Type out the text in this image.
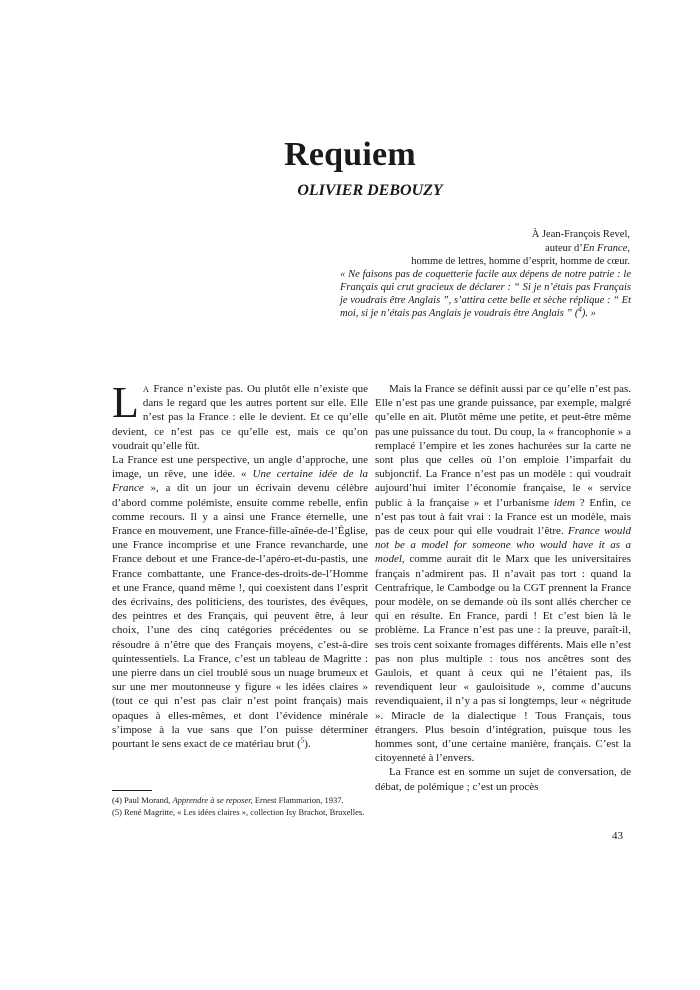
Requiem
OLIVIER DEBOUZY
À Jean-François Revel,
auteur d’En France,
homme de lettres, homme d’esprit, homme de cœur.
« Ne faisons pas de coquetterie facile aux dépens de notre patrie : le Français qui crut gracieux de déclarer : “ Si je n’étais pas Français je voudrais être Anglais ”, s’attira cette belle et sèche réplique : “ Et moi, si je n’étais pas Anglais je voudrais être Anglais ” ($^4$). »

L A France n’existe pas. Ou plutôt elle n’existe que dans le regard que les autres portent sur elle. Elle n’est pas la France : elle le devient. Et ce qu’elle devient, ce n’est pas ce qu’elle est, mais ce qu’on voudrait qu’elle fût.

La France est une perspective, un angle d’approche, une image, un rêve, une idée. « Une certaine idée de la France », a dit un jour un écrivain devenu célèbre d’abord comme polémiste, ensuite comme rebelle, enfin comme recours. Il y a ainsi une France éternelle, une France en mouvement, une France-fille-aînée-de-l’Église, une France incomprise et une France revancharde, une France debout et une France-de-l’apéro-et-du-pastis, une France combattante, une France-des-droits-de-l’Homme et une France, quand même !, qui coexistent dans l’esprit des écrivains, des politiciens, des touristes, des évêques, des peintres et des Français, qui peuvent être, à leur choix, l’une des cinq catégories précédentes ou se résoudre à n’être que des Français moyens, c’est-à-dire quintessentiels. La France, c’est un tableau de Magritte : une pierre dans un ciel troublé sous un nuage brumeux et sur une mer moutonneuse y figure « les idées claires » (tout ce qui n’est pas clair n’est point français) mais opaques à elles-mêmes, et dont l’évidence minérale s’impose à la vue sans que l’on puisse déterminer pourtant le sens exact de ce matériau brut ($^5$).

(4) Paul Morand, Apprendre à se reposer, Ernest Flammarion, 1937.

(5) René Magritte, « Les idées claires », collection Isy Brachot, Bruxelles.

Mais la France se définit aussi par ce qu’elle n’est pas. Elle n’est pas une grande puissance, par exemple, malgré qu’elle en ait. Plutôt même une petite, et peut-être même pas une puissance du tout. Du coup, la « francophonie » a remplacé l’empire et les zones hachurées sur la carte ne sont plus que celles où l’on emploie l’imparfait du subjonctif. La France n’est pas un modèle : qui voudrait aujourd’hui imiter l’économie française, le « service public à la française » et l’urbanisme idem ? Enfin, ce n’est pas tout à fait vrai : la France est un modèle, mais pas de ceux pour qui elle voudrait l’être. France would not be a model for someone who would have it as a model, comme aurait dit le Marx que les universitaires français n’admirent pas. Il n’avait pas tort : quand la Centrafrique, le Cambodge ou la CGT prennent la France pour modèle, on se demande où ils sont allés chercher ce qui en résulte. En France, pardi ! Et c’est bien là le problème. La France n’est pas une : la preuve, paraît-il, ses trois cent soixante fromages différents. Mais elle n’est pas non plus multiple : tous nos ancêtres sont des Gaulois, et quant à ceux qui ne l’étaient pas, ils revendiquent leur « gauloisitude », comme d’aucuns revendiquaient, il n’y a pas si longtemps, leur « négritude ». Miracle de la dialectique ! Tous Français, tous étrangers. Plus besoin d’intégration, puisque tous les hommes sont, d’une certaine manière, français. C’est la citoyenneté à l’envers.

La France est en somme un sujet de conversation, de débat, de polémique ; c’est un procès

43
